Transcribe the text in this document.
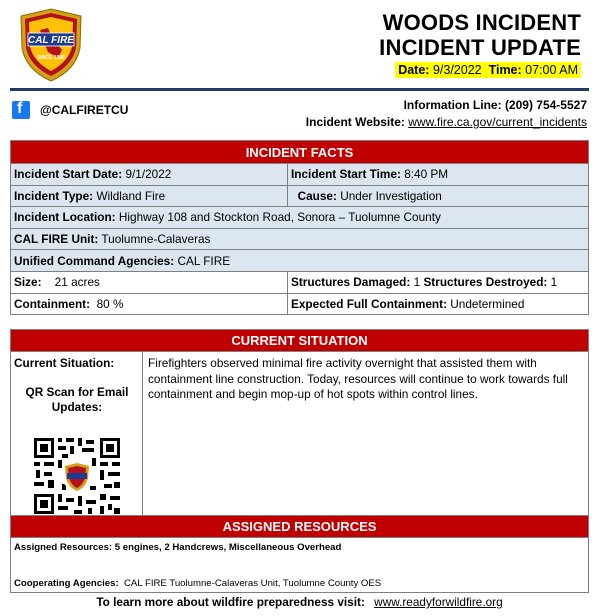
CAL FIRE
SINCE 1885
WOODS INCIDENT
INCIDENT UPDATE
Date: 9/3/2022 Time: 07:00 AM
f
@CALFIRETCU	Information Line: (209) 754-5527
Incident Website: www.fire.ca.gov/current_incidents
INCIDENT FACTS	
Incident Start Date: 9/1/2022	Incident Start Time: 8:40 PM
Incident Type: Wildland Fire	Cause: Under Investigation
Incident Location: Highway 108 and Stockton Road, Sonora – Tuolumne County	
CAL FIRE Unit: Tuolumne-Calaveras	
Unified Command Agencies: CAL FIRE	
Size: 21 acres	Structures Damaged: 1 Structures Destroyed: 1
Containment: 80 %	Expected Full Containment: Undetermined
CURRENT SITUATION
Current Situation:
QR Scan for Email
Updates:
Firefighters observed minimal fire activity overnight that assisted them with containment line construction. Today, resources will continue to work towards full containment and begin mop-up of hot spots within control lines.
ASSIGNED RESOURCES
Assigned Resources: 5 engines, 2 Handcrews, Miscellaneous Overhead
Cooperating Agencies: CAL FIRE Tuolumne-Calaveras Unit, Tuolumne County OES
To learn more about wildfire preparedness visit: www.readyforwildfire.org
